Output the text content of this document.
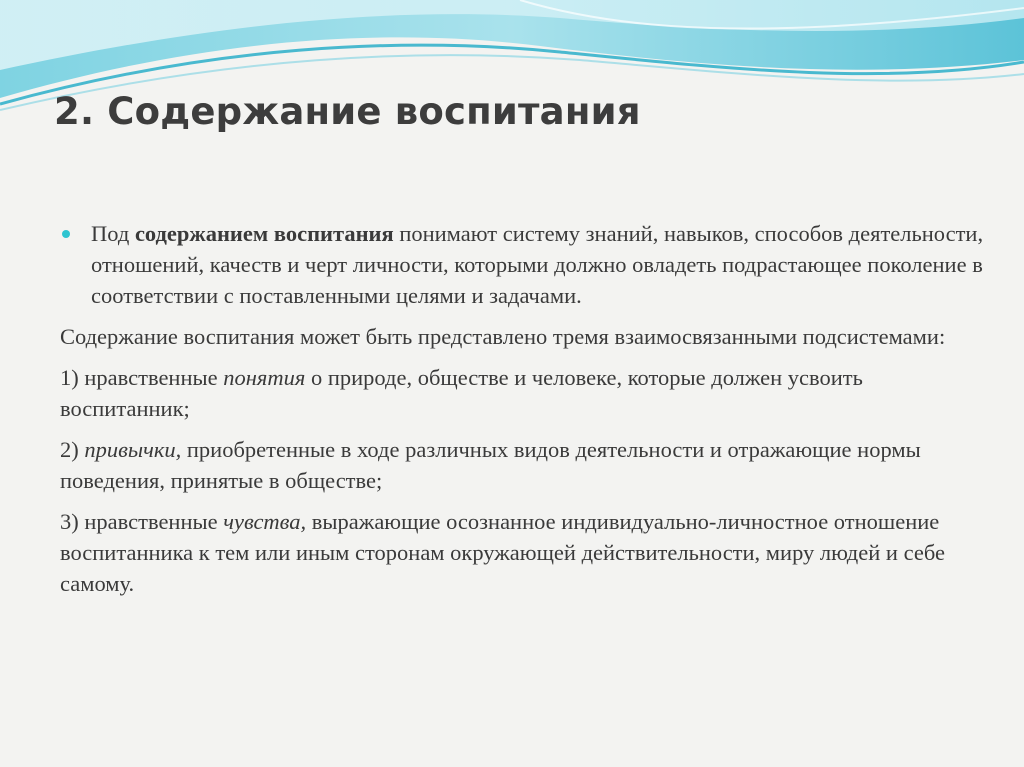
2. Содержание воспитания

Под содержанием воспитания понимают систему знаний, навыков, способов деятельности, отношений, качеств и черт личности, которыми должно овладеть подрастающее поколение в соответствии с поставленными целями и задачами.

Содержание воспитания может быть представлено тремя взаимосвязанными подсистемами:

1) нравственные понятия о природе, обществе и человеке, которые должен усвоить воспитанник;

2) привычки, приобретенные в ходе различных видов деятельности и отражающие нормы поведения, принятые в обществе;

3) нравственные чувства, выражающие осознанное индивидуально-личностное отношение воспитанника к тем или иным сторонам окружающей действительности, миру людей и себе самому.
